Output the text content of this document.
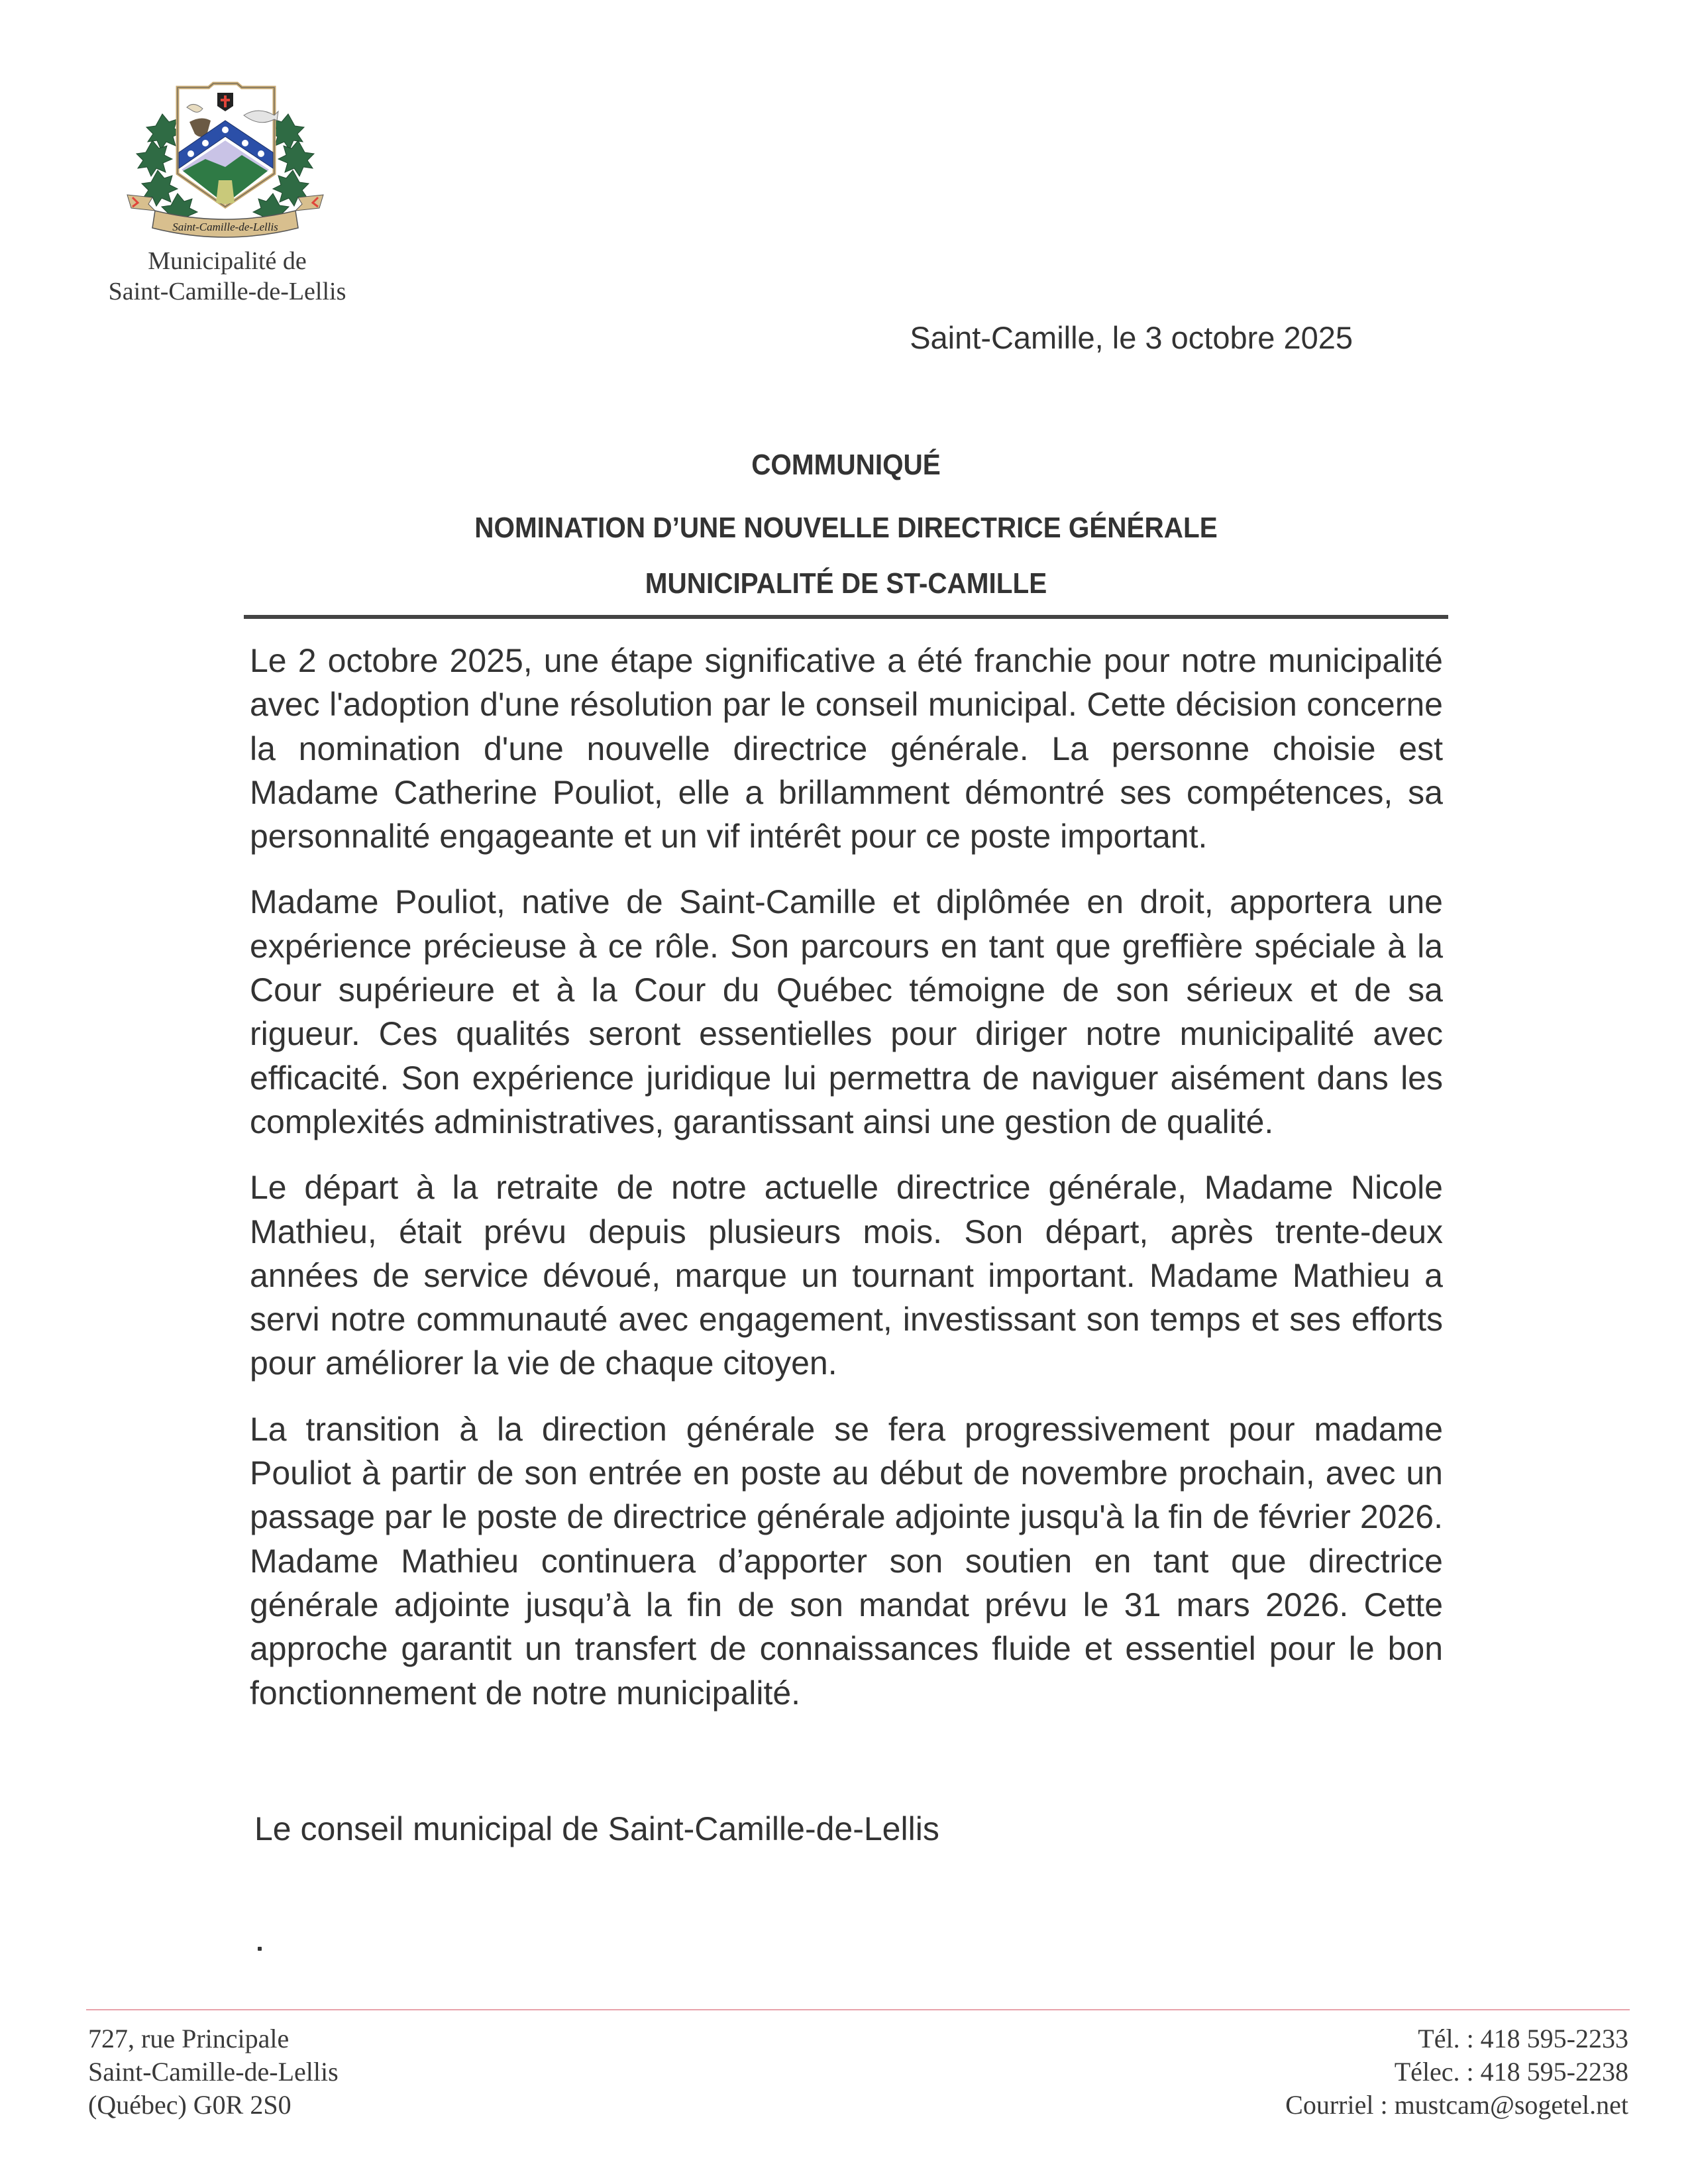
Saint-Camille-de-Lellis
Municipalité de
Saint-Camille-de-Lellis
Saint-Camille, le 3 octobre 2025
COMMUNIQUÉ
NOMINATION D’UNE NOUVELLE DIRECTRICE GÉNÉRALE
MUNICIPALITÉ DE ST-CAMILLE

Le 2 octobre 2025, une étape significative a été franchie pour notre municipalité avec l'adoption d'une résolution par le conseil municipal. Cette décision concerne la nomination d'une nouvelle directrice générale. La personne choisie est Madame Catherine Pouliot, elle a brillamment démontré ses compétences, sa personnalité engageante et un vif intérêt pour ce poste important.

Madame Pouliot, native de Saint-Camille et diplômée en droit, apportera une expérience précieuse à ce rôle. Son parcours en tant que greffière spéciale à la Cour supérieure et à la Cour du Québec témoigne de son sérieux et de sa rigueur. Ces qualités seront essentielles pour diriger notre municipalité avec efficacité. Son expérience juridique lui permettra de naviguer aisément dans les complexités administratives, garantissant ainsi une gestion de qualité.

Le départ à la retraite de notre actuelle directrice générale, Madame Nicole Mathieu, était prévu depuis plusieurs mois. Son départ, après trente-deux années de service dévoué, marque un tournant important. Madame Mathieu a servi notre communauté avec engagement, investissant son temps et ses efforts pour améliorer la vie de chaque citoyen.

La transition à la direction générale se fera progressivement pour madame Pouliot à partir de son entrée en poste au début de novembre prochain, avec un passage par le poste de directrice générale adjointe jusqu'à la fin de février 2026. Madame Mathieu continuera d’apporter son soutien en tant que directrice générale adjointe jusqu’à la fin de son mandat prévu le 31 mars 2026. Cette approche garantit un transfert de connaissances fluide et essentiel pour le bon fonctionnement de notre municipalité.

Le conseil municipal de Saint-Camille-de-Lellis
727, rue Principale
Saint-Camille-de-Lellis
(Québec) G0R 2S0
Tél. : 418 595-2233
Télec. : 418 595-2238
Courriel : mustcam@sogetel.net
